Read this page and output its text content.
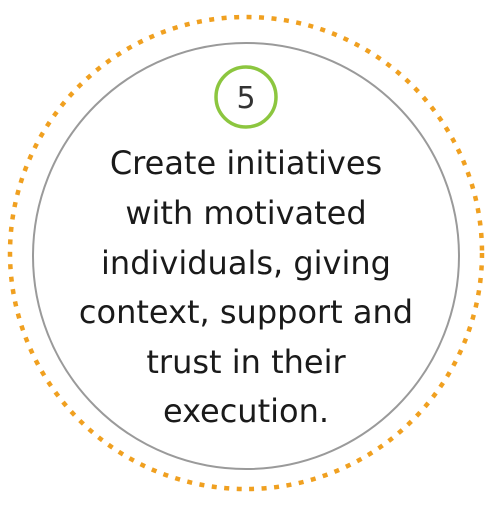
5
Create initiatives
with motivated
individuals, giving
context, support and
trust in their
execution.
